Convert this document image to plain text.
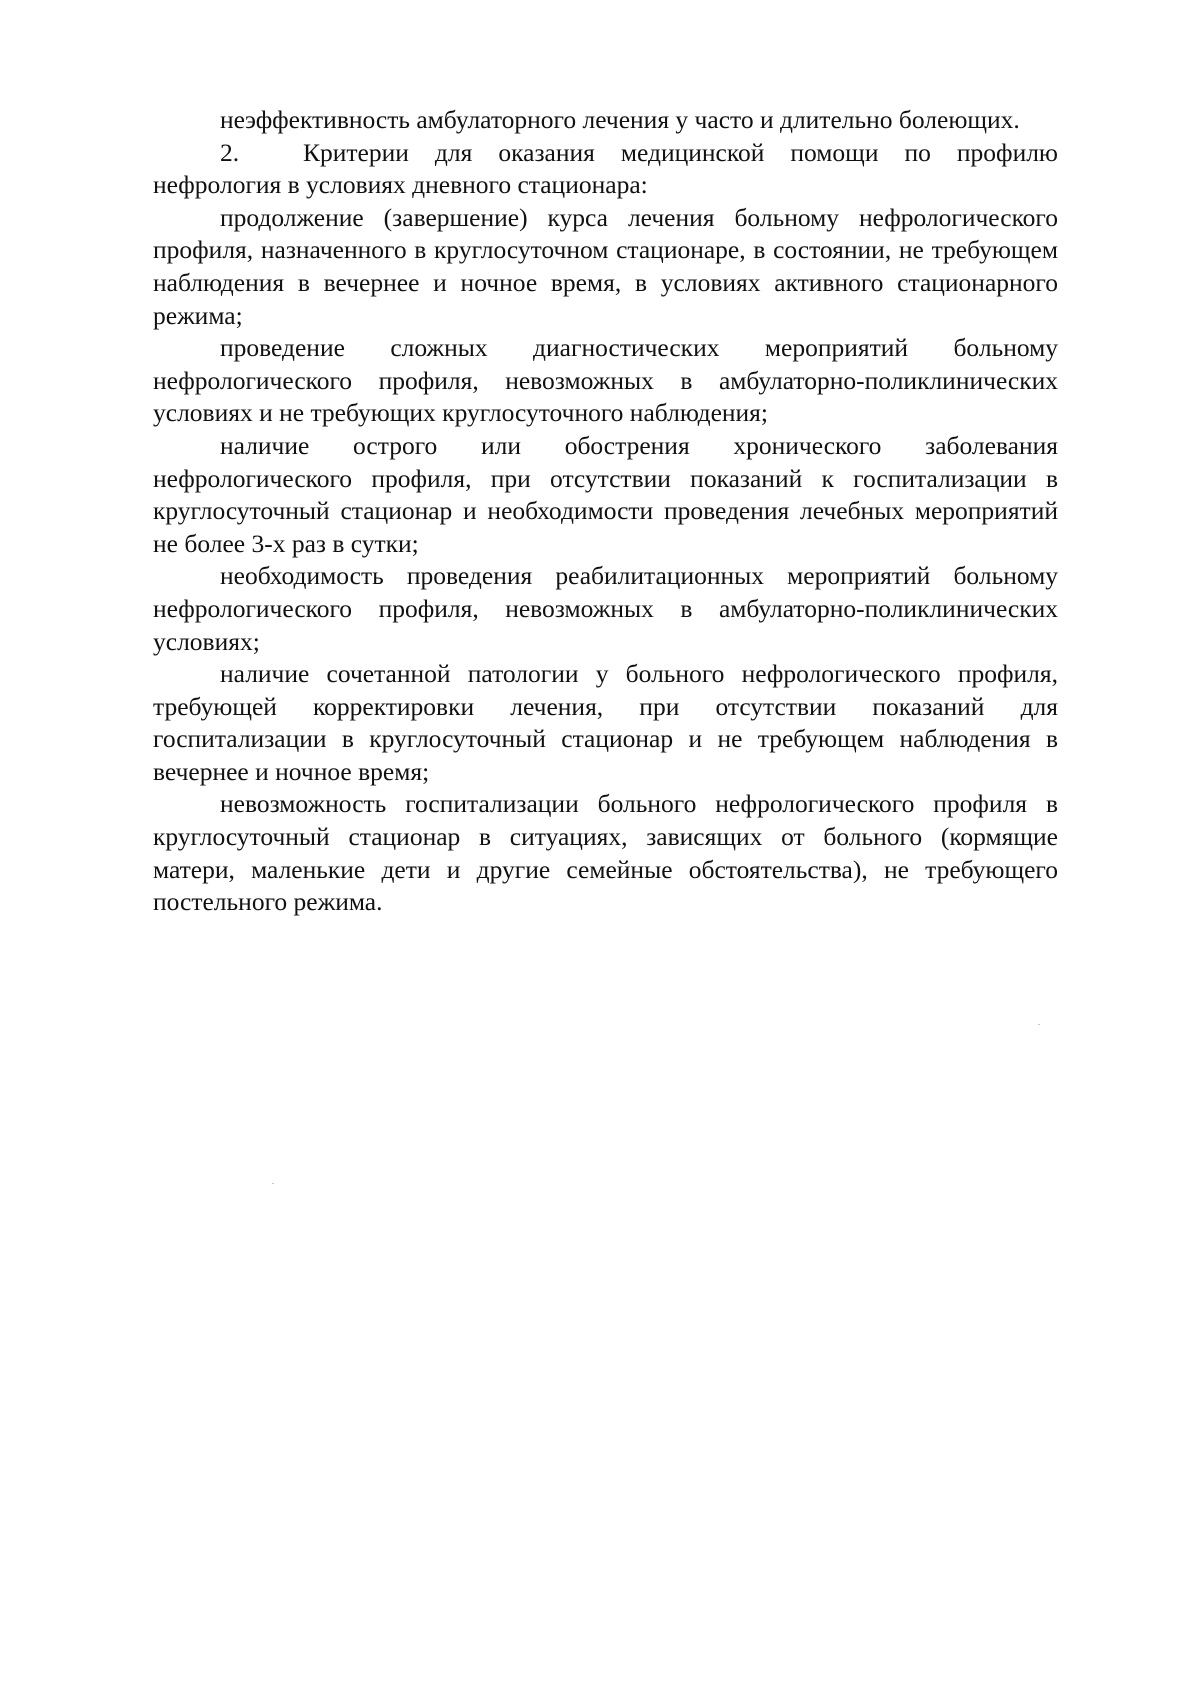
неэффективность амбулаторного лечения у часто и длительно болеющих.

2.	Критерии для оказания медицинской помощи по профилю нефрология в условиях дневного стационара:

продолжение (завершение) курса лечения больному нефрологического профиля, назначенного в круглосуточном стационаре, в состоянии, не требующем наблюдения в вечернее и ночное время, в условиях активного стационарного режима;

проведение сложных диагностических мероприятий больному нефрологического профиля, невозможных в амбулаторно-поликлинических условиях и не требующих круглосуточного наблюдения;

наличие острого или обострения хронического заболевания нефрологического профиля, при отсутствии показаний к госпитализации в круглосуточный стационар и необходимости проведения лечебных мероприятий не более 3-х раз в сутки;

необходимость проведения реабилитационных мероприятий больному нефрологического профиля, невозможных в амбулаторно-поликлинических условиях;

наличие сочетанной патологии у больного нефрологического профиля, требующей корректировки лечения, при отсутствии показаний для госпитализации в круглосуточный стационар и не требующем наблюдения в вечернее и ночное время;

невозможность госпитализации больного нефрологического профиля в круглосуточный стационар в ситуациях, зависящих от больного (кормящие матери, маленькие дети и другие семейные обстоятельства), не требующего постельного режима.
